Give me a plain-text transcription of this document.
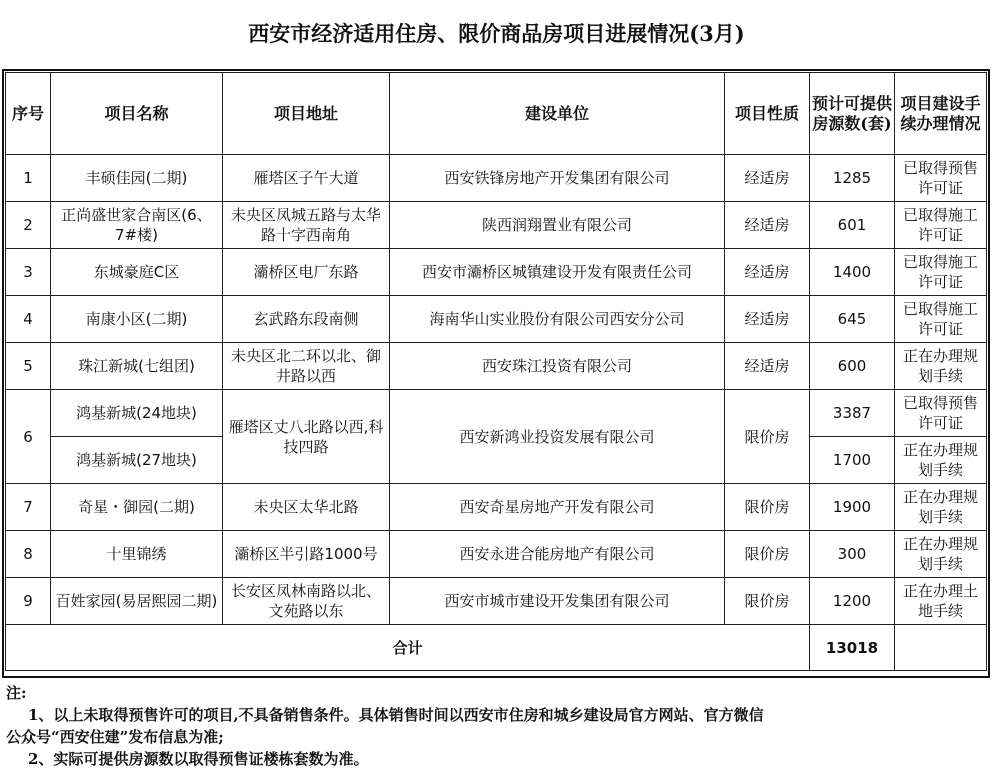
西安市经济适用住房、限价商品房项目进展情况(3月)
序号	项目名称	项目地址	建设单位	项目性质	预计可提供房源数(套)	项目建设手续办理情况
1	丰硕佳园(二期)	雁塔区子午大道	西安铁锋房地产开发集团有限公司	经适房	1285	已取得预售许可证
2	正尚盛世家合南区(6、7#楼)	未央区凤城五路与太华路十字西南角	陕西润翔置业有限公司	经适房	601	已取得施工许可证
3	东城豪庭C区	灞桥区电厂东路	西安市灞桥区城镇建设开发有限责任公司	经适房	1400	已取得施工许可证
4	南康小区(二期)	玄武路东段南侧	海南华山实业股份有限公司西安分公司	经适房	645	已取得施工许可证
5	珠江新城(七组团)	未央区北二环以北、御井路以西	西安珠江投资有限公司	经适房	600	正在办理规划手续
6	鸿基新城(24地块)	雁塔区丈八北路以西,科技四路	西安新鸿业投资发展有限公司	限价房	3387	已取得预售许可证
	鸿基新城(27地块)				1700	正在办理规划手续
7	奇星・御园(二期)	未央区太华北路	西安奇星房地产开发有限公司	限价房	1900	正在办理规划手续
8	十里锦绣	灞桥区半引路1000号	西安永进合能房地产有限公司	限价房	300	正在办理规划手续
9	百姓家园(易居熙园二期)	长安区凤林南路以北、文苑路以东	西安市城市建设开发集团有限公司	限价房	1200	正在办理土地手续
合计					13018	
注:
1、以上未取得预售许可的项目,不具备销售条件。具体销售时间以西安市住房和城乡建设局官方网站、官方微信
公众号“西安住建”发布信息为准;
2、实际可提供房源数以取得预售证楼栋套数为准。
